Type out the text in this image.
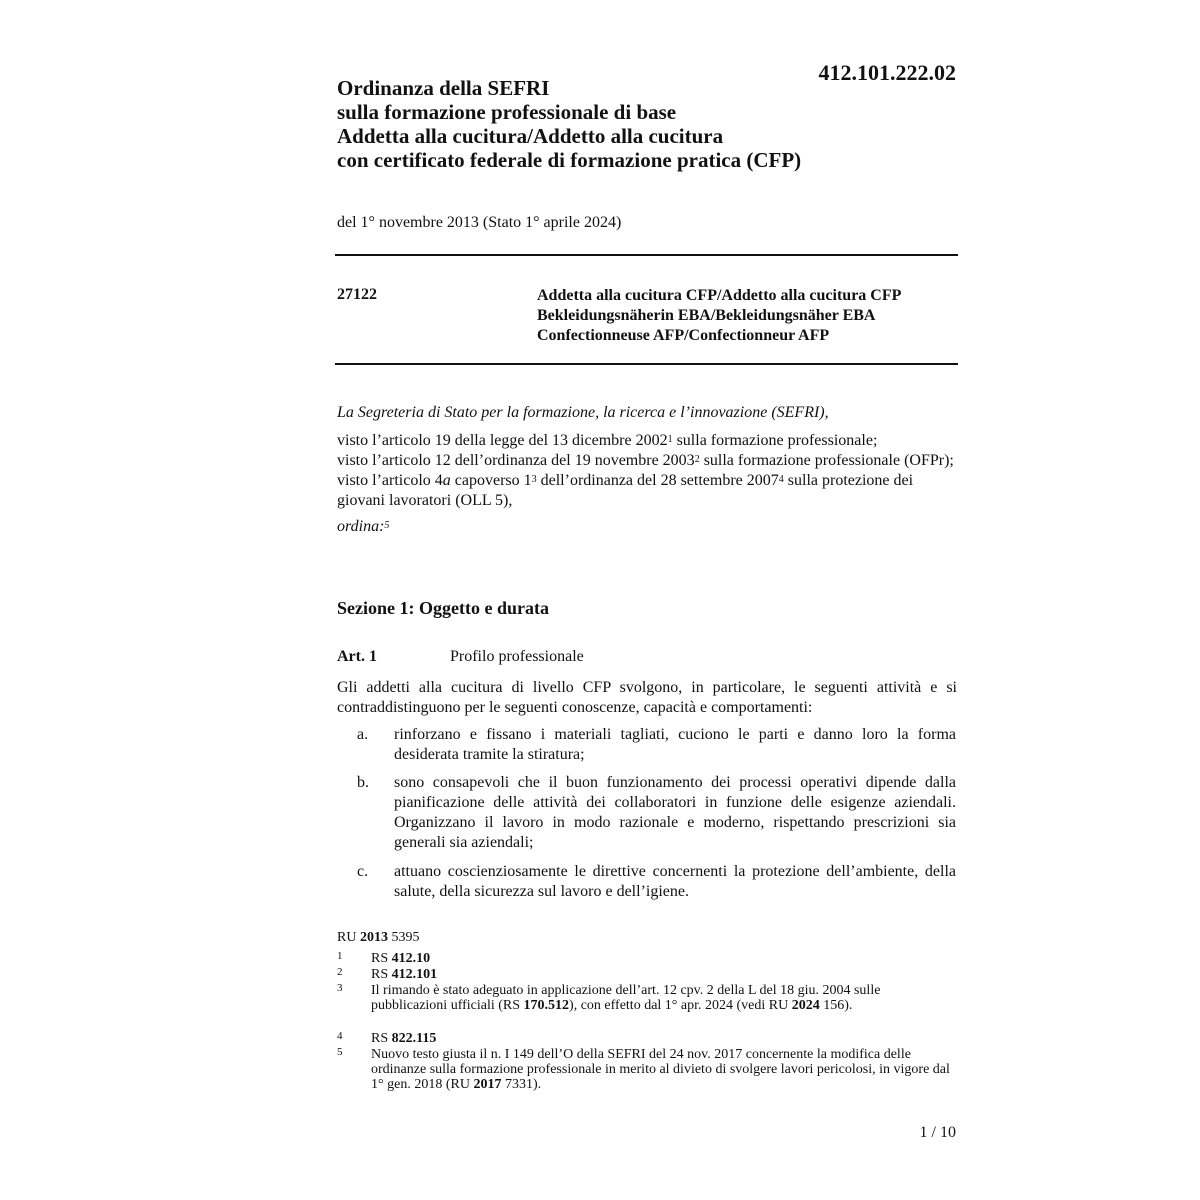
412.101.222.02
Ordinanza della SEFRI
sulla formazione professionale di base
Addetta alla cucitura/Addetto alla cucitura
con certificato federale di formazione pratica (CFP)
del 1° novembre 2013 (Stato 1° aprile 2024)
27122	Addetta alla cucitura CFP/Addetto alla cucitura CFP
Bekleidungsnäherin EBA/Bekleidungsnäher EBA
Confectionneuse AFP/Confectionneur AFP
La Segreteria di Stato per la formazione, la ricerca e l’innovazione (SEFRI),
visto l’articolo 19 della legge del 13 dicembre 2002$^1$ sulla formazione professionale;
visto l’articolo 12 dell’ordinanza del 19 novembre 2003$^2$ sulla formazione professionale (OFPr);
visto l’articolo 4a capoverso $1^3$ dell’ordinanza del 28 settembre 2007$^4$ sulla protezione dei giovani lavoratori (OLL 5),
ordina:$^5$
Sezione 1: Oggetto e durata
Art. 1	Profilo professionale
Gli addetti alla cucitura di livello CFP svolgono, in particolare, le seguenti attività e si contraddistinguono per le seguenti conoscenze, capacità e comportamenti:
a. rinforzano e fissano i materiali tagliati, cuciono le parti e danno loro la forma desiderata tramite la stiratura;
b. sono consapevoli che il buon funzionamento dei processi operativi dipende dalla pianificazione delle attività dei collaboratori in funzione delle esigenze aziendali. Organizzano il lavoro in modo razionale e moderno, rispettando prescrizioni sia generali sia aziendali;
c. attuano coscienziosamente le direttive concernenti la protezione dell’ambiente, della salute, della sicurezza sul lavoro e dell’igiene.
RU 2013 5395
1 RS 412.10
2 RS 412.101
3 Il rimando è stato adeguato in applicazione dell’art. 12 cpv. 2 della L del 18 giu. 2004 sulle pubblicazioni ufficiali (RS 170.512), con effetto dal 1° apr. 2024 (vedi RU 2024 156).
4 RS 822.115
5 Nuovo testo giusta il n. I 149 dell’O della SEFRI del 24 nov. 2017 concernente la modifica delle ordinanze sulla formazione professionale in merito al divieto di svolgere lavori pericolosi, in vigore dal 1° gen. 2018 (RU 2017 7331).
1 / 10
